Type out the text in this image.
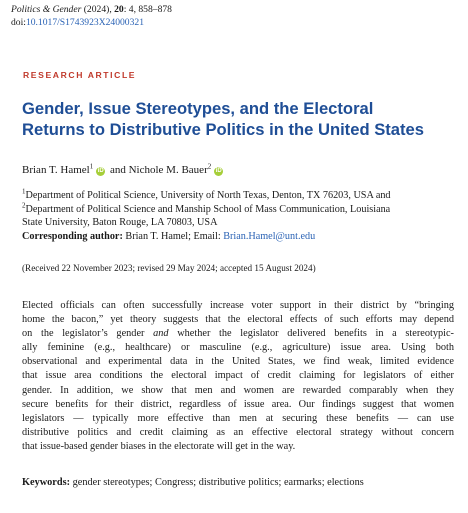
Politics & Gender (2024), 20: 4, 858–878
doi:10.1017/S1743923X24000321
RESEARCH ARTICLE
Gender, Issue Stereotypes, and the Electoral
Returns to Distributive Politics in the United States
Brian T. Hamel$^1$iD and Nichole M. Bauer$^2$iD
$^1$Department of Political Science, University of North Texas, Denton, TX 76203, USA and
$^2$Department of Political Science and Manship School of Mass Communication, Louisiana
State University, Baton Rouge, LA 70803, USA
Corresponding author: Brian T. Hamel; Email: Brian.Hamel@unt.edu
(Received 22 November 2023; revised 29 May 2024; accepted 15 August 2024)
Elected officials can often successfully increase voter support in their district by “bringing
home the bacon,” yet theory suggests that the electoral effects of such efforts may depend
on the legislator’s gender and whether the legislator delivered benefits in a stereotypic-
ally feminine (e.g., healthcare) or masculine (e.g., agriculture) issue area. Using both
observational and experimental data in the United States, we find weak, limited evidence
that issue area conditions the electoral impact of credit claiming for legislators of either
gender. In addition, we show that men and women are rewarded comparably when they
secure benefits for their district, regardless of issue area. Our findings suggest that women
legislators — typically more effective than men at securing these benefits — can use
distributive politics and credit claiming as an effective electoral strategy without concern
that issue-based gender biases in the electorate will get in the way.
Keywords: gender stereotypes; Congress; distributive politics; earmarks; elections
